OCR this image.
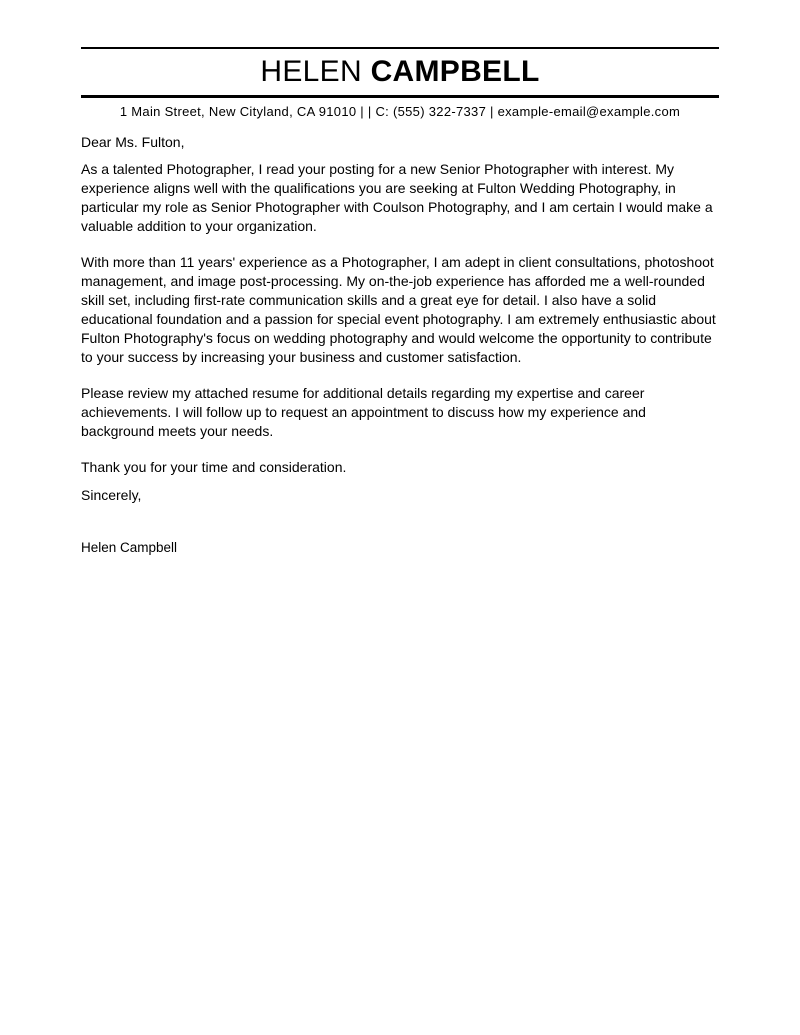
HELEN CAMPBELL
1 Main Street, New Cityland, CA 91010 | | C: (555) 322-7337 | example-email@example.com

Dear Ms. Fulton,

As a talented Photographer, I read your posting for a new Senior Photographer with interest. My experience aligns well with the qualifications you are seeking at Fulton Wedding Photography, in particular my role as Senior Photographer with Coulson Photography, and I am certain I would make a valuable addition to your organization.

With more than 11 years' experience as a Photographer, I am adept in client consultations, photoshoot management, and image post-processing. My on-the-job experience has afforded me a well-rounded skill set, including first-rate communication skills and a great eye for detail. I also have a solid educational foundation and a passion for special event photography. I am extremely enthusiastic about Fulton Photography's focus on wedding photography and would welcome the opportunity to contribute to your success by increasing your business and customer satisfaction.

Please review my attached resume for additional details regarding my expertise and career achievements. I will follow up to request an appointment to discuss how my experience and background meets your needs.

Thank you for your time and consideration.

Sincerely,

Helen Campbell
